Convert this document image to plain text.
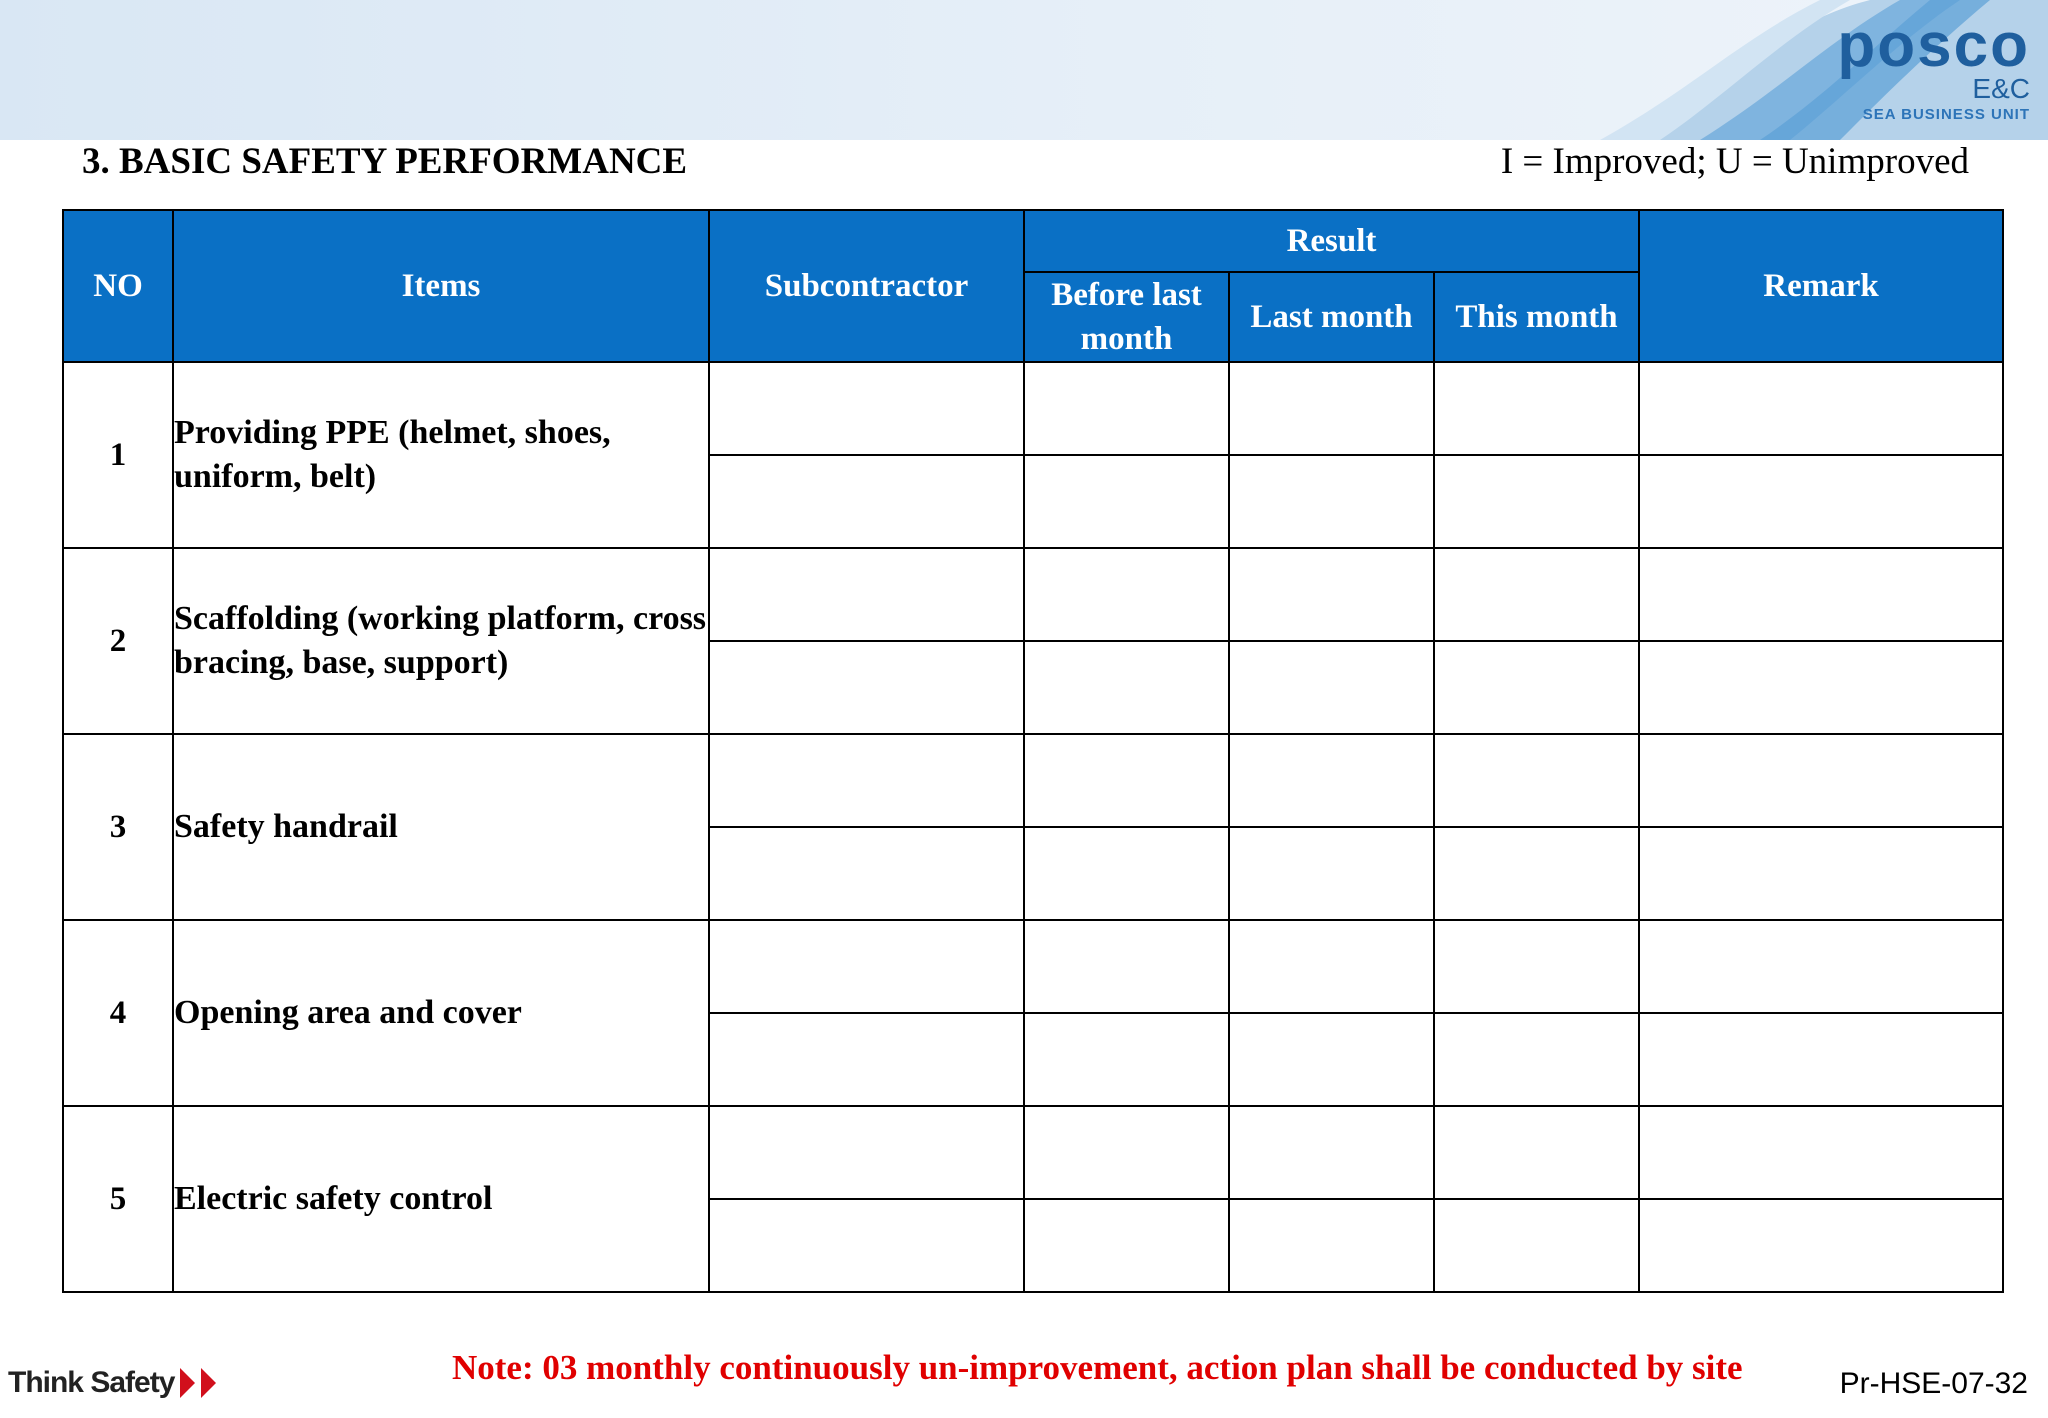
posco
E&C
SEA BUSINESS UNIT
3. BASIC SAFETY PERFORMANCE	I = Improved; U = Unimproved
NO	Items	Subcontractor	Result			Remark
			Before last month	Last month	This month	
1	Providing PPE (helmet, shoes, uniform, belt)					

2	Scaffolding (working platform, cross bracing, base, support)					

3	Safety handrail					

4	Opening area and cover					

5	Electric safety control					

Think Safety	Note: 03 monthly continuously un-improvement, action plan shall be conducted by site	Pr-HSE-07-32
